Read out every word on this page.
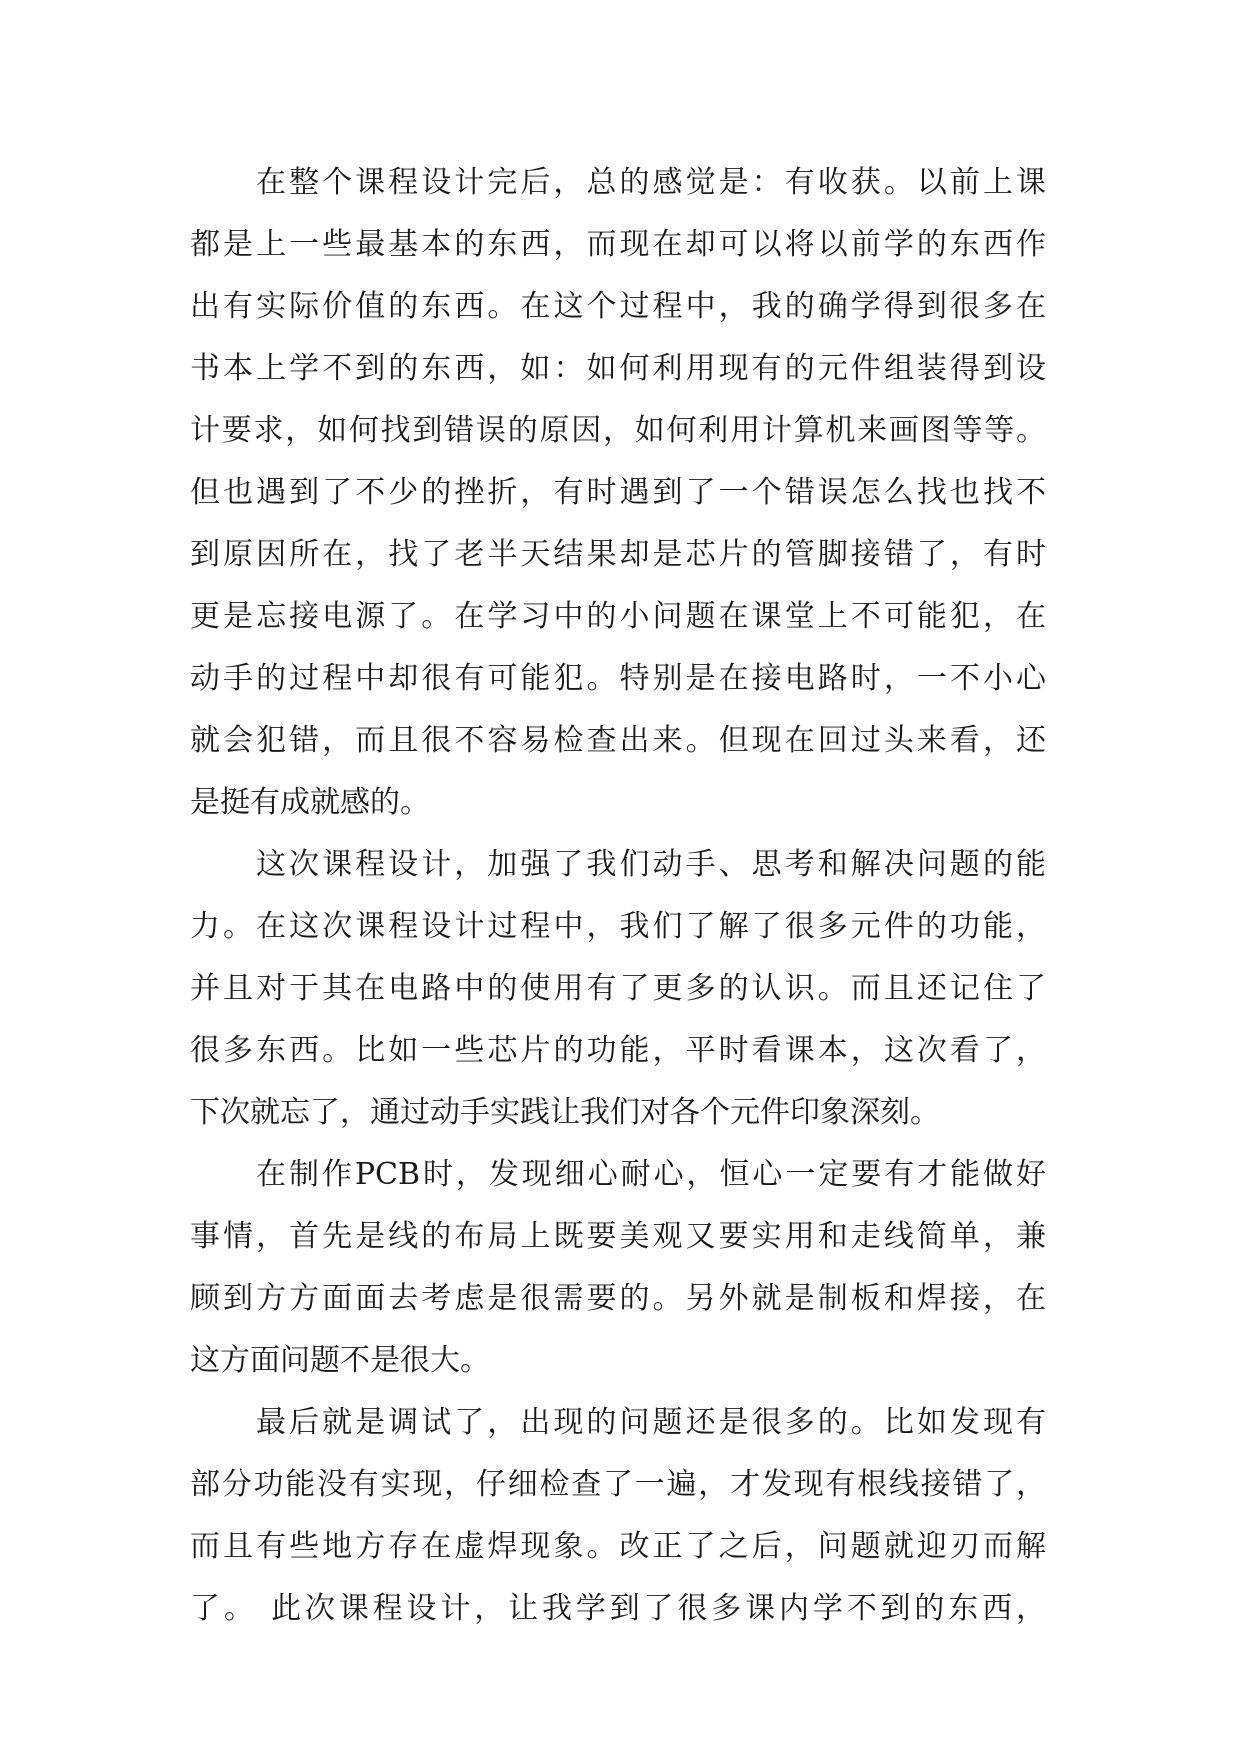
在整个课程设计完后，总的感觉是：有收获。以前上课
都是上一些最基本的东西，而现在却可以将以前学的东西作
出有实际价值的东西。在这个过程中，我的确学得到很多在
书本上学不到的东西，如：如何利用现有的元件组装得到设
计要求，如何找到错误的原因，如何利用计算机来画图等等。
但也遇到了不少的挫折，有时遇到了一个错误怎么找也找不
到原因所在，找了老半天结果却是芯片的管脚接错了，有时
更是忘接电源了。在学习中的小问题在课堂上不可能犯，在
动手的过程中却很有可能犯。特别是在接电路时，一不小心
就会犯错，而且很不容易检查出来。但现在回过头来看，还
是挺有成就感的。
这次课程设计，加强了我们动手、思考和解决问题的能
力。在这次课程设计过程中，我们了解了很多元件的功能，
并且对于其在电路中的使用有了更多的认识。而且还记住了
很多东西。比如一些芯片的功能，平时看课本，这次看了，
下次就忘了，通过动手实践让我们对各个元件印象深刻。
在制作PCB时，发现细心耐心，恒心一定要有才能做好
事情，首先是线的布局上既要美观又要实用和走线简单，兼
顾到方方面面去考虑是很需要的。另外就是制板和焊接，在
这方面问题不是很大。
最后就是调试了，出现的问题还是很多的。比如发现有
部分功能没有实现，仔细检查了一遍，才发现有根线接错了，
而且有些地方存在虚焊现象。改正了之后，问题就迎刃而解
了。 此次课程设计，让我学到了很多课内学不到的东西，
